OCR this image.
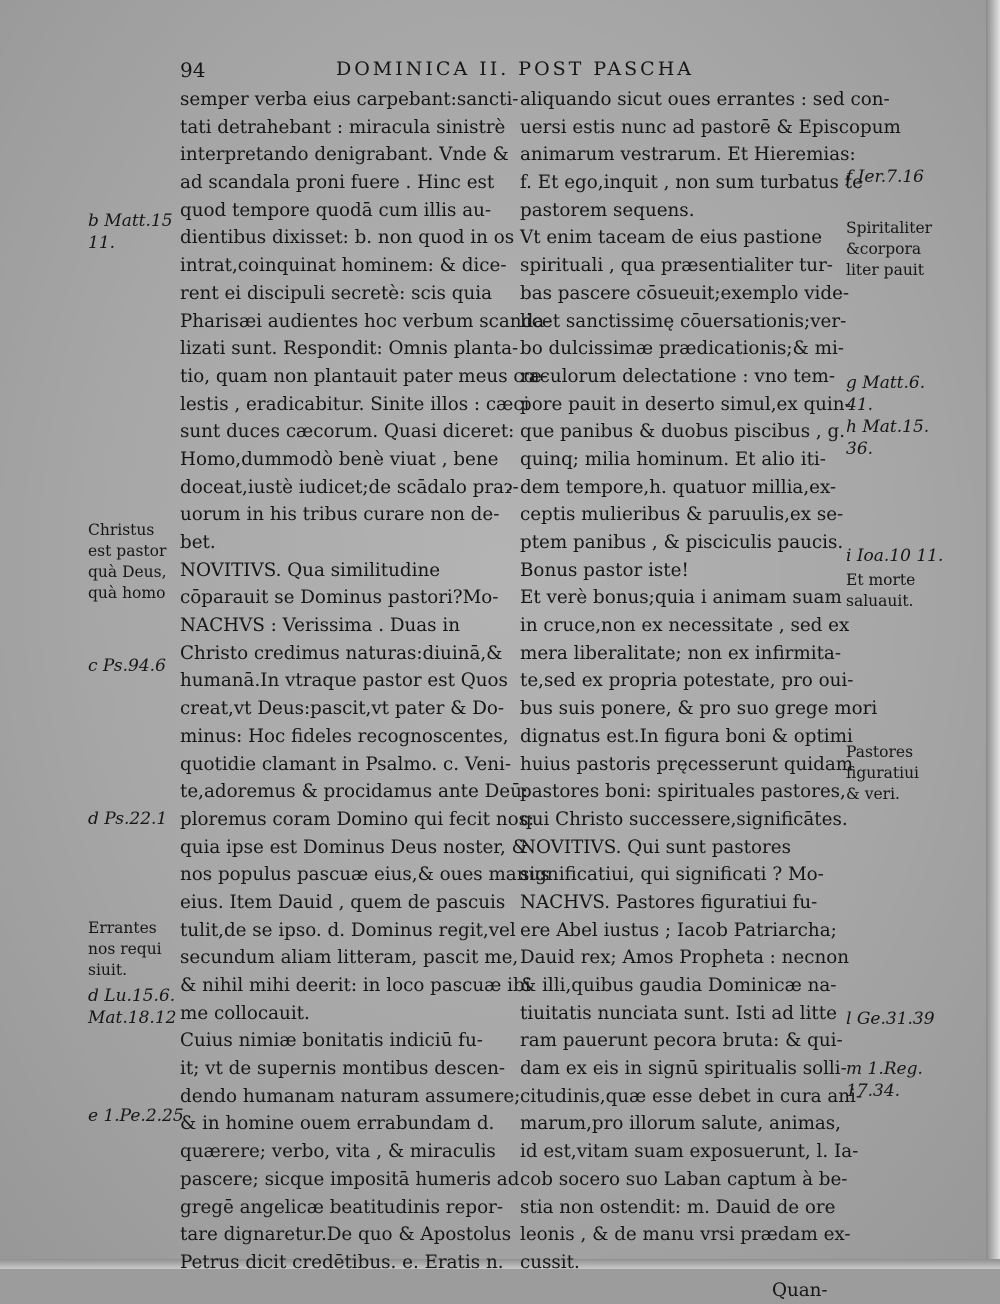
94	DOMINICA II. POST PASCHA
semper verba eius carpebant:sancti-
tati detrahebant : miracula sinistrè
interpretando denigrabant. Vnde &
ad scandala proni fuere . Hinc est
quod tempore quodā cum illis au-
dientibus dixisset: b. non quod in os
intrat,coinquinat hominem: & dice-
rent ei discipuli secretè: scis quia
Pharisæi audientes hoc verbum scanda-
lizati sunt. Respondit: Omnis planta-
tio, quam non plantauit pater meus cœ-
lestis , eradicabitur. Sinite illos : cæci
sunt duces cæcorum. Quasi diceret:
Homo,dummodò benè viuat , bene
doceat,iustè iudicet;de scādalo praɂ-
uorum in his tribus curare non de-
bet.
NOVITIVS. Qua similitudine
cōparauit se Dominus pastori?Mo-
NACHVS : Verissima . Duas in
Christo credimus naturas:diuinā,&
humanā.In vtraque pastor est Quos
creat,vt Deus:pascit,vt pater & Do-
minus: Hoc fideles recognoscentes,
quotidie clamant in Psalmo. c. Veni-
te,adoremus & procidamus ante Deū:
ploremus coram Domino qui fecit nos:
quia ipse est Dominus Deus noster, &
nos populus pascuæ eius,& oues manus
eius. Item Dauid , quem de pascuis
tulit,de se ipso. d. Dominus regit,vel
secundum aliam litteram, pascit me,
& nihil mihi deerit: in loco pascuæ ibi
me collocauit.
Cuius nimiæ bonitatis indiciū fu-
it; vt de supernis montibus descen-
dendo humanam naturam assumere;
& in homine ouem errabundam d.
quærere; verbo, vita , & miraculis
pascere; sicque impositā humeris ad
gregē angelicæ beatitudinis repor-
tare dignaretur.De quo & Apostolus
Petrus dicit credētibus. e. Eratis n.
aliquando sicut oues errantes : sed con-
uersi estis nunc ad pastorē & Episcopum
animarum vestrarum. Et Hieremias:
f. Et ego,inquit , non sum turbatus te
pastorem sequens.
Vt enim taceam de eius pastione
spirituali , qua præsentialiter tur-
bas pascere cōsueuit;exemplo vide-
licet sanctissimę cōuersationis;ver-
bo dulcissimæ prædicationis;& mi-
raculorum delectatione : vno tem-
pore pauit in deserto simul,ex quin-
que panibus & duobus piscibus , g.
quinq; milia hominum. Et alio iti-
dem tempore,h. quatuor millia,ex-
ceptis mulieribus & paruulis,ex se-
ptem panibus , & pisciculis paucis.
Bonus pastor iste!
Et verè bonus;quia i animam suam
in cruce,non ex necessitate , sed ex
mera liberalitate; non ex infirmita-
te,sed ex propria potestate, pro oui-
bus suis ponere, & pro suo grege mori
dignatus est.In figura boni & optimi
huius pastoris pręcesserunt quidam
pastores boni: spirituales pastores,
qui Christo successere,significātes.
NOVITIVS. Qui sunt pastores
significatiui, qui significati ? Mo-
NACHVS. Pastores figuratiui fu-
ere Abel iustus ; Iacob Patriarcha;
Dauid rex; Amos Propheta : necnon
& illi,quibus gaudia Dominicæ na-
tiuitatis nunciata sunt. Isti ad litte
ram pauerunt pecora bruta: & qui-
dam ex eis in signū spiritualis solli-
citudinis,quæ esse debet in cura ani-
marum,pro illorum salute, animas,
id est,vitam suam exposuerunt, l. Ia-
cob socero suo Laban captum à be-
stia non ostendit: m. Dauid de ore
leonis , & de manu vrsi prædam ex-
cussit.
Quan-
b Matt.15
11.
Christus
est pastor
quà Deus,
quà homo
c Ps.94.6
d Ps.22.1
Errantes
nos requi
siuit.
d Lu.15.6.
Mat.18.12
e 1.Pe.2.25
f Ier.7.16
Spiritaliter
&corpora
liter pauit
g Matt.6.
41.
h Mat.15.
36.
i Ioa.10 11.
Et morte
saluauit.
Pastores
figuratiui
& veri.
l Ge.31.39
m 1.Reg.
17.34.
